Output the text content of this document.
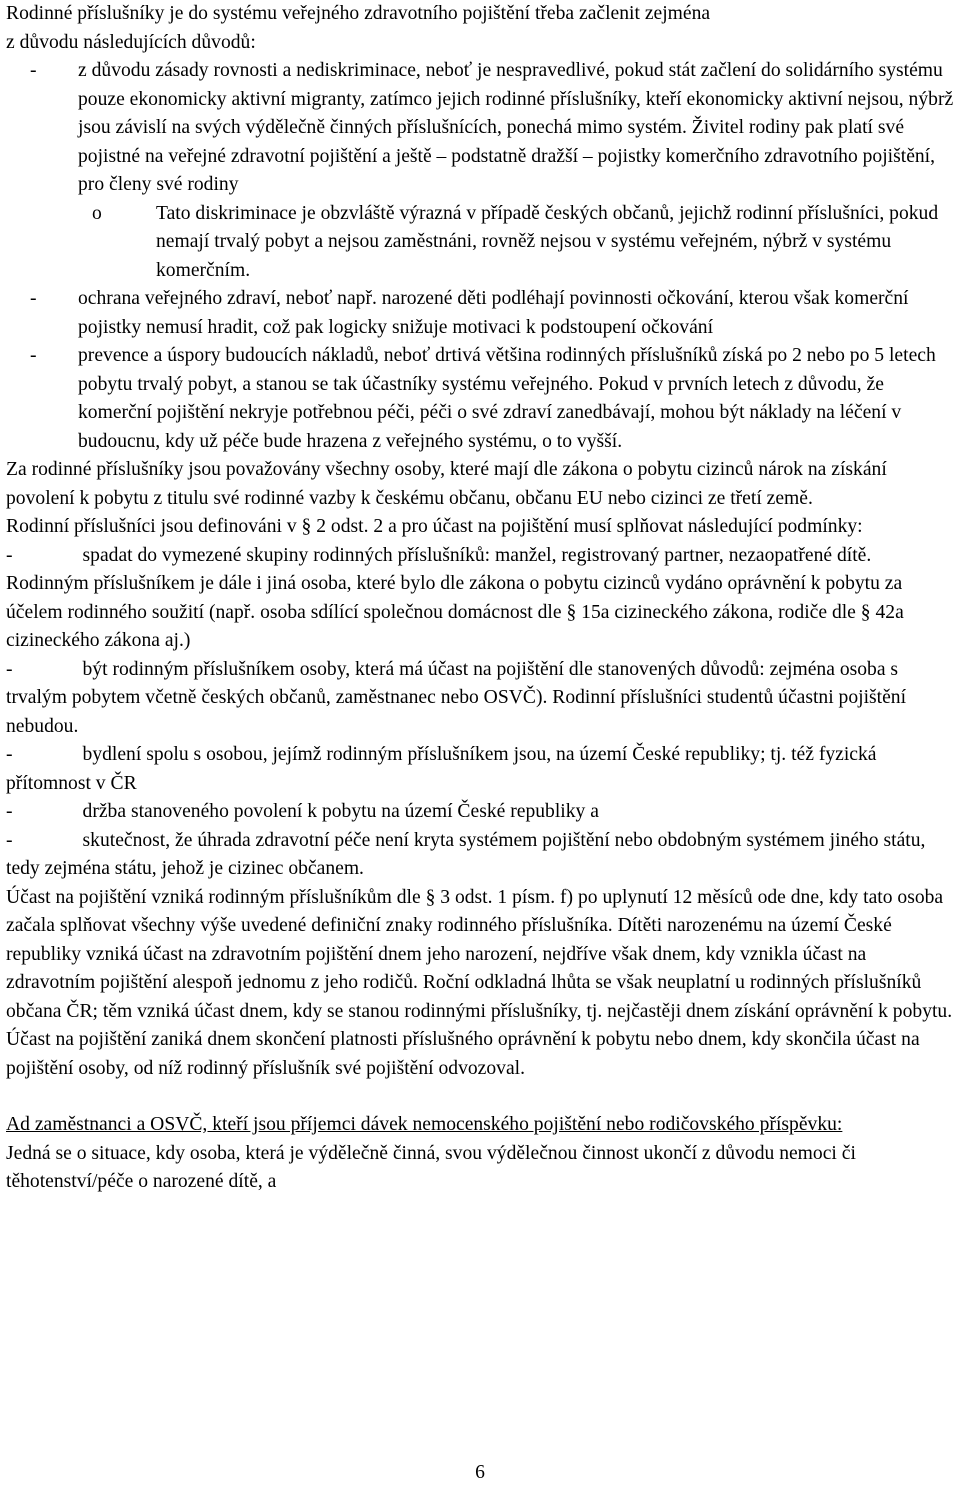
Rodinné příslušníky je do systému veřejného zdravotního pojištění třeba začlenit zejména

z důvodu následujících důvodů:

-	z důvodu zásady rovnosti a nediskriminace, neboť je nespravedlivé, pokud stát začlení do solidárního systému pouze ekonomicky aktivní migranty, zatímco jejich rodinné příslušníky, kteří ekonomicky aktivní nejsou, nýbrž jsou závislí na svých výdělečně činných příslušnících, ponechá mimo systém. Živitel rodiny pak platí své pojistné na veřejné zdravotní pojištění a ještě – podstatně dražší – pojistky komerčního zdravotního pojištění, pro členy své rodiny
o	Tato diskriminace je obzvláště výrazná v případě českých občanů, jejichž rodinní příslušníci, pokud nemají trvalý pobyt a nejsou zaměstnáni, rovněž nejsou v systému veřejném, nýbrž v systému komerčním.
-	ochrana veřejného zdraví, neboť např. narozené děti podléhají povinnosti očkování, kterou však komerční pojistky nemusí hradit, což pak logicky snižuje motivaci k podstoupení očkování
-	prevence a úspory budoucích nákladů, neboť drtivá většina rodinných příslušníků získá po 2 nebo po 5 letech pobytu trvalý pobyt, a stanou se tak účastníky systému veřejného. Pokud v prvních letech z důvodu, že komerční pojištění nekryje potřebnou péči, péči o své zdraví zanedbávají, mohou být náklady na léčení v budoucnu, kdy už péče bude hrazena z veřejného systému, o to vyšší.

Za rodinné příslušníky jsou považovány všechny osoby, které mají dle zákona o pobytu cizinců nárok na získání povolení k pobytu z titulu své rodinné vazby k českému občanu, občanu EU nebo cizinci ze třetí země.

Rodinní příslušníci jsou definováni v § 2 odst. 2 a pro účast na pojištění musí splňovat následující podmínky:

-	spadat do vymezené skupiny rodinných příslušníků: manžel, registrovaný partner, nezaopatřené dítě. Rodinným příslušníkem je dále i jiná osoba, které bylo dle zákona o pobytu cizinců vydáno oprávnění k pobytu za účelem rodinného soužití (např. osoba sdílící společnou domácnost dle § 15a cizineckého zákona, rodiče dle § 42a cizineckého zákona aj.)

-	být rodinným příslušníkem osoby, která má účast na pojištění dle stanovených důvodů: zejména osoba s trvalým pobytem včetně českých občanů, zaměstnanec nebo OSVČ). Rodinní příslušníci studentů účastni pojištění nebudou.

-	bydlení spolu s osobou, jejímž rodinným příslušníkem jsou, na území České republiky; tj. též fyzická přítomnost v ČR

-	držba stanoveného povolení k pobytu na území České republiky a

-	skutečnost, že úhrada zdravotní péče není kryta systémem pojištění nebo obdobným systémem jiného státu, tedy zejména státu, jehož je cizinec občanem.

Účast na pojištění vzniká rodinným příslušníkům dle § 3 odst. 1 písm. f) po uplynutí 12 měsíců ode dne, kdy tato osoba začala splňovat všechny výše uvedené definiční znaky rodinného příslušníka. Dítěti narozenému na území České republiky vzniká účast na zdravotním pojištění dnem jeho narození, nejdříve však dnem, kdy vznikla účast na zdravotním pojištění alespoň jednomu z jeho rodičů. Roční odkladná lhůta se však neuplatní u rodinných příslušníků občana ČR; těm vzniká účast dnem, kdy se stanou rodinnými příslušníky, tj. nejčastěji dnem získání oprávnění k pobytu. Účast na pojištění zaniká dnem skončení platnosti příslušného oprávnění k pobytu nebo dnem, kdy skončila účast na pojištění osoby, od níž rodinný příslušník své pojištění odvozoval.

Ad zaměstnanci a OSVČ, kteří jsou příjemci dávek nemocenského pojištění nebo rodičovského příspěvku:

Jedná se o situace, kdy osoba, která je výdělečně činná, svou výdělečnou činnost ukončí z důvodu nemoci či těhotenství/péče o narozené dítě, a

6
